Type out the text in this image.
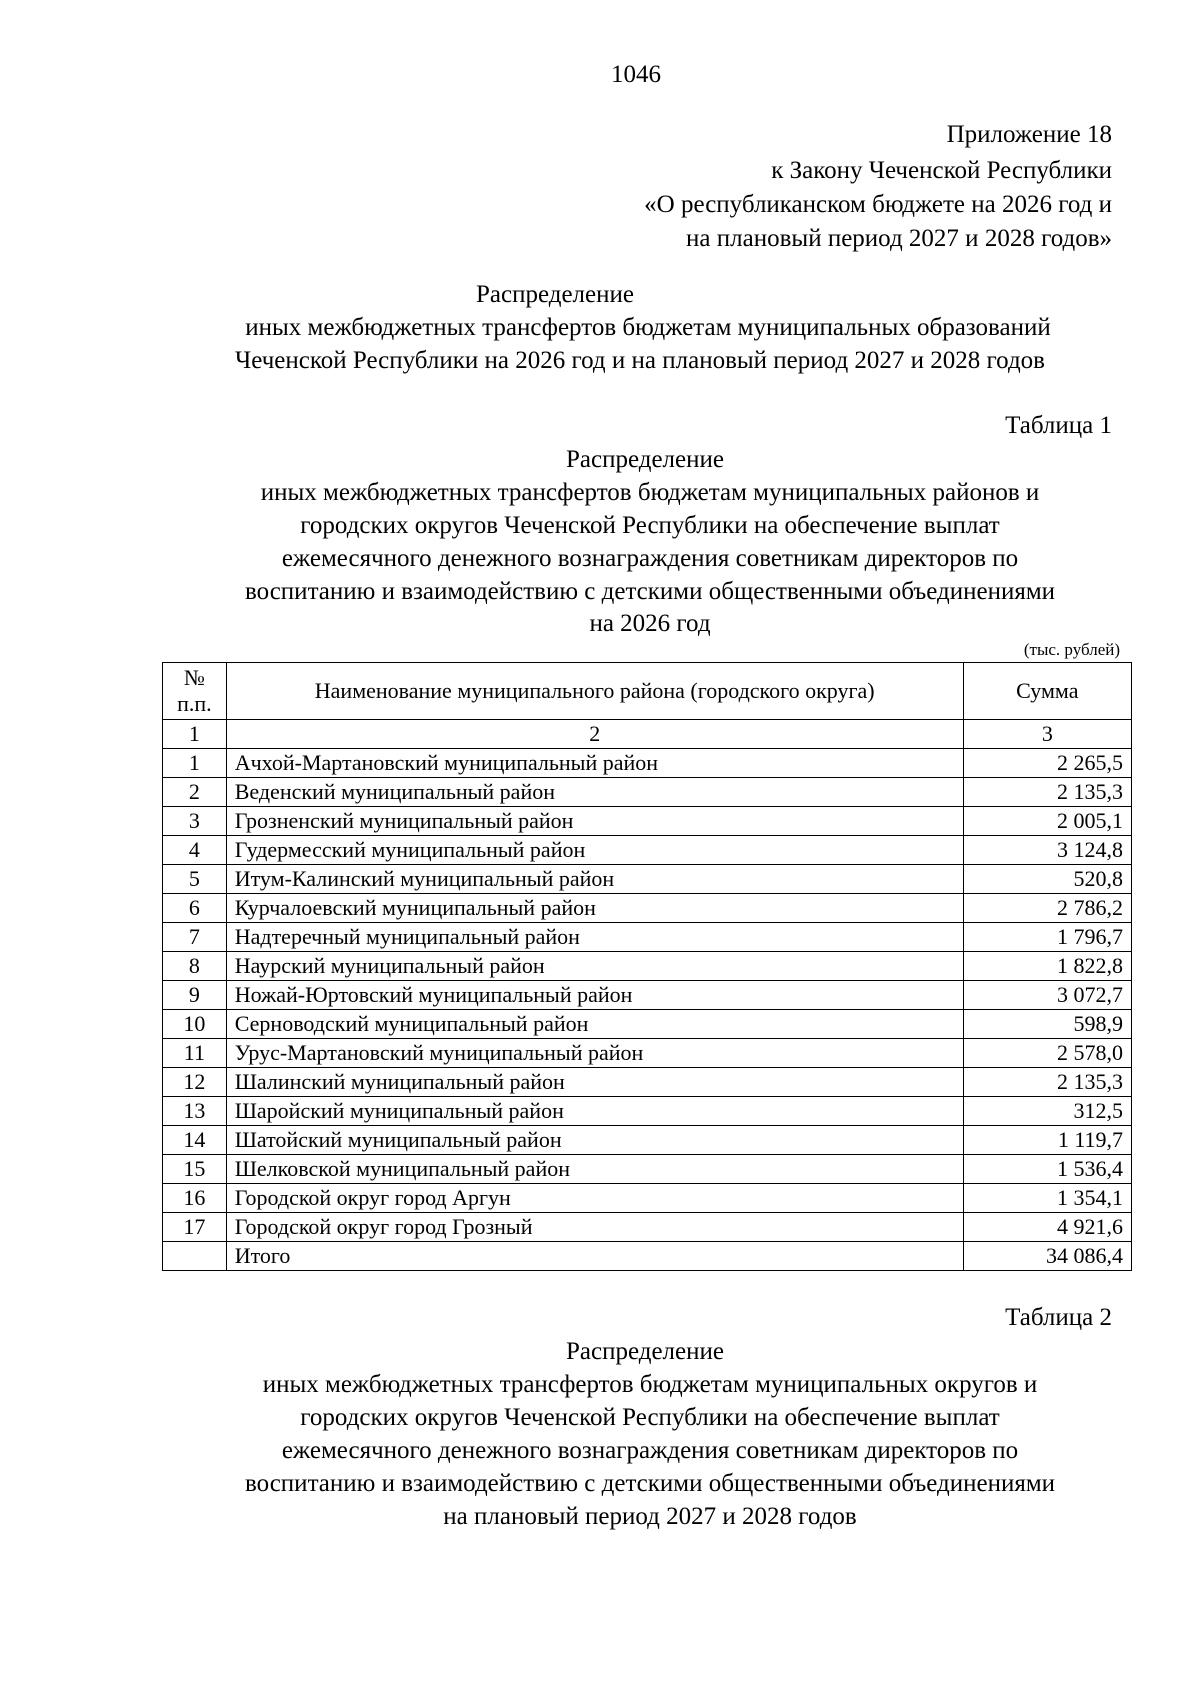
1046
Приложение 18
к Закону Чеченской Республики
«О республиканском бюджете на 2026 год и
на плановый период 2027 и 2028 годов»
Распределение
иных межбюджетных трансфертов бюджетам муниципальных образований
Чеченской Республики на 2026 год и на плановый период 2027 и 2028 годов
Таблица 1
Распределение
иных межбюджетных трансфертов бюджетам муниципальных районов и
городских округов Чеченской Республики на обеспечение выплат
ежемесячного денежного вознаграждения советникам директоров по
воспитанию и взаимодействию с детскими общественными объединениями
на 2026 год
(тыс. рублей)
№
п.п.	Наименование муниципального района (городского округа)	Сумма
1	2	3
1	Ачхой-Мартановский муниципальный район	2 265,5
2	Веденский муниципальный район	2 135,3
3	Грозненский муниципальный район	2 005,1
4	Гудермесский муниципальный район	3 124,8
5	Итум-Калинский муниципальный район	520,8
6	Курчалоевский муниципальный район	2 786,2
7	Надтеречный муниципальный район	1 796,7
8	Наурский муниципальный район	1 822,8
9	Ножай-Юртовский муниципальный район	3 072,7
10	Серноводский муниципальный район	598,9
11	Урус-Мартановский муниципальный район	2 578,0
12	Шалинский муниципальный район	2 135,3
13	Шаройский муниципальный район	312,5
14	Шатойский муниципальный район	1 119,7
15	Шелковской муниципальный район	1 536,4
16	Городской округ город Аргун	1 354,1
17	Городской округ город Грозный	4 921,6
	Итого	34 086,4
Таблица 2
Распределение
иных межбюджетных трансфертов бюджетам муниципальных округов и
городских округов Чеченской Республики на обеспечение выплат
ежемесячного денежного вознаграждения советникам директоров по
воспитанию и взаимодействию с детскими общественными объединениями
на плановый период 2027 и 2028 годов
